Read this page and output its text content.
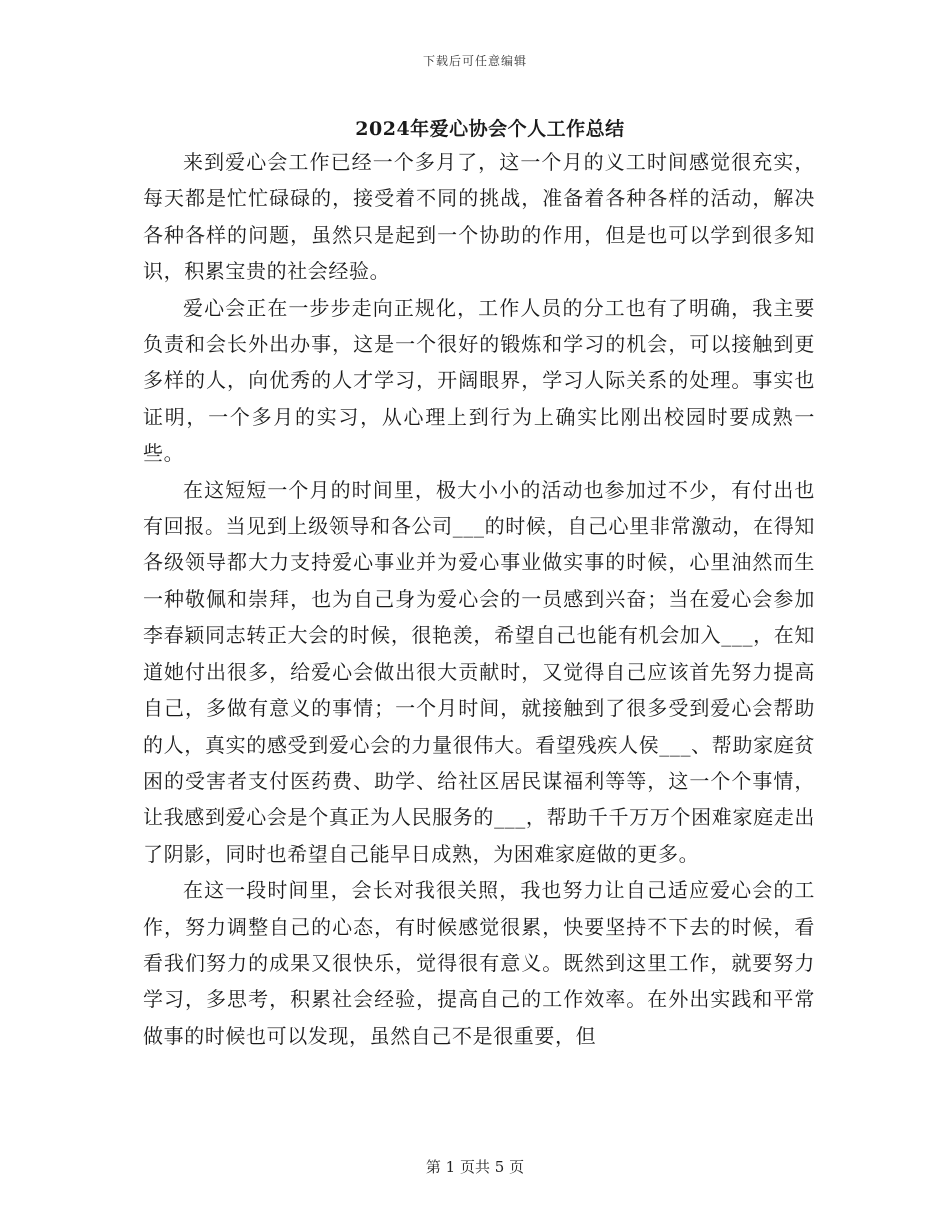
下载后可任意编辑
2024年爱心协会个人工作总结

来到爱心会工作已经一个多月了，这一个月的义工时间感觉很充实，每天都是忙忙碌碌的，接受着不同的挑战，准备着各种各样的活动，解决各种各样的问题，虽然只是起到一个协助的作用，但是也可以学到很多知识，积累宝贵的社会经验。

爱心会正在一步步走向正规化，工作人员的分工也有了明确，我主要负责和会长外出办事，这是一个很好的锻炼和学习的机会，可以接触到更多样的人，向优秀的人才学习，开阔眼界，学习人际关系的处理。事实也证明，一个多月的实习，从心理上到行为上确实比刚出校园时要成熟一些。

在这短短一个月的时间里，极大小小的活动也参加过不少，有付出也有回报。当见到上级领导和各公司___的时候，自己心里非常激动，在得知各级领导都大力支持爱心事业并为爱心事业做实事的时候，心里油然而生一种敬佩和崇拜，也为自己身为爱心会的一员感到兴奋；当在爱心会参加李春颖同志转正大会的时候，很艳羡，希望自己也能有机会加入___，在知道她付出很多，给爱心会做出很大贡献时，又觉得自己应该首先努力提高自己，多做有意义的事情；一个月时间，就接触到了很多受到爱心会帮助的人，真实的感受到爱心会的力量很伟大。看望残疾人侯___、帮助家庭贫困的受害者支付医药费、助学、给社区居民谋福利等等，这一个个事情，让我感到爱心会是个真正为人民服务的___，帮助千千万万个困难家庭走出了阴影，同时也希望自己能早日成熟，为困难家庭做的更多。

在这一段时间里，会长对我很关照，我也努力让自己适应爱心会的工作，努力调整自己的心态，有时候感觉很累，快要坚持不下去的时候，看看我们努力的成果又很快乐，觉得很有意义。既然到这里工作，就要努力学习，多思考，积累社会经验，提高自己的工作效率。在外出实践和平常做事的时候也可以发现，虽然自己不是很重要，但

第 1 页共 5 页
